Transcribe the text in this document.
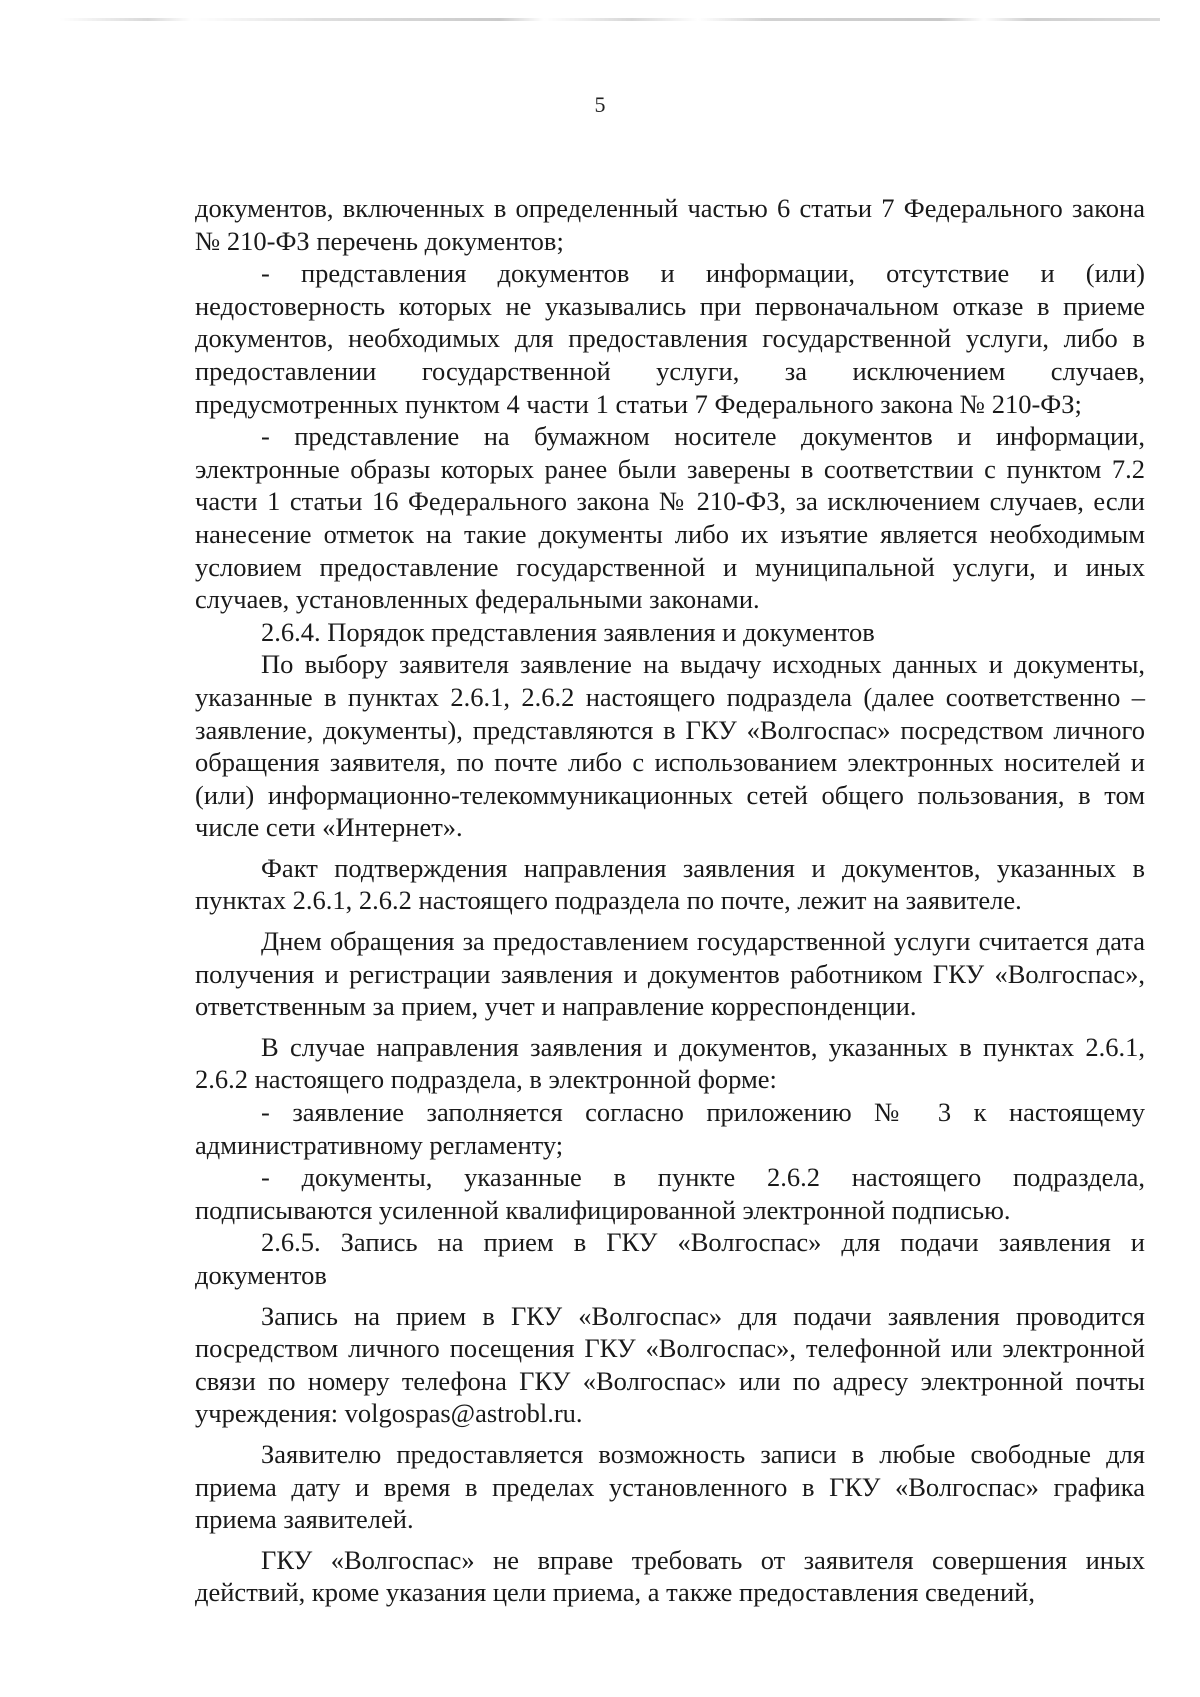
5

документов, включенных в определенный частью 6 статьи 7 Федерального закона № 210-ФЗ перечень документов;

- представления документов и информации, отсутствие и (или) недостоверность которых не указывались при первоначальном отказе в приеме документов, необходимых для предоставления государственной услуги, либо в предоставлении государственной услуги, за исключением случаев, предусмотренных пунктом 4 части 1 статьи 7 Федерального закона № 210-ФЗ;

- представление на бумажном носителе документов и информации, электронные образы которых ранее были заверены в соответствии с пунктом 7.2 части 1 статьи 16 Федерального закона № 210-ФЗ, за исключением случаев, если нанесение отметок на такие документы либо их изъятие является необходимым условием предоставление государственной и муниципальной услуги, и иных случаев, установленных федеральными законами.

2.6.4. Порядок представления заявления и документов

По выбору заявителя заявление на выдачу исходных данных и документы, указанные в пунктах 2.6.1, 2.6.2 настоящего подраздела (далее соответственно – заявление, документы), представляются в ГКУ «Волгоспас» посредством личного обращения заявителя, по почте либо с использованием электронных носителей и (или) информационно-телекоммуникационных сетей общего пользования, в том числе сети «Интернет».

Факт подтверждения направления заявления и документов, указанных в пунктах 2.6.1, 2.6.2 настоящего подраздела по почте, лежит на заявителе.

Днем обращения за предоставлением государственной услуги считается дата получения и регистрации заявления и документов работником ГКУ «Волгоспас», ответственным за прием, учет и направление корреспонденции.

В случае направления заявления и документов, указанных в пунктах 2.6.1, 2.6.2 настоящего подраздела, в электронной форме:

- заявление заполняется согласно приложению № 3 к настоящему административному регламенту;

- документы, указанные в пункте 2.6.2 настоящего подраздела, подписываются усиленной квалифицированной электронной подписью.

2.6.5. Запись на прием в ГКУ «Волгоспас» для подачи заявления и документов

Запись на прием в ГКУ «Волгоспас» для подачи заявления проводится посредством личного посещения ГКУ «Волгоспас», телефонной или электронной связи по номеру телефона ГКУ «Волгоспас» или по адресу электронной почты учреждения: volgospas@astrobl.ru.

Заявителю предоставляется возможность записи в любые свободные для приема дату и время в пределах установленного в ГКУ «Волгоспас» графика приема заявителей.

ГКУ «Волгоспас» не вправе требовать от заявителя совершения иных действий, кроме указания цели приема, а также предоставления сведений,
